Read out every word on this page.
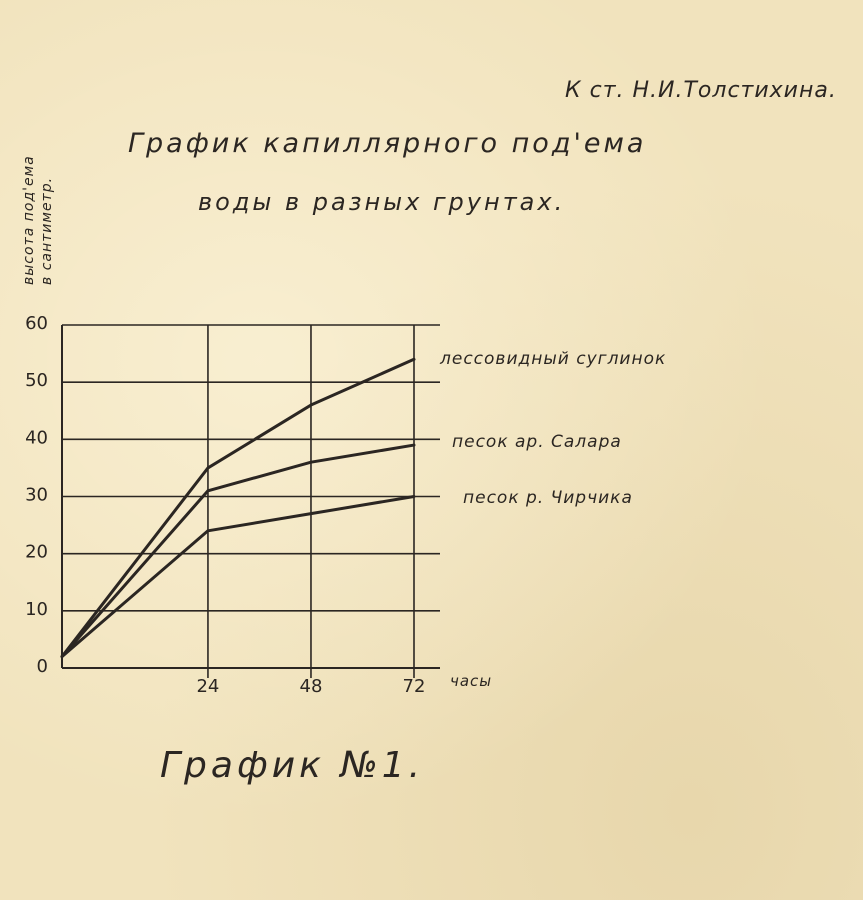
К ст. Н.И.Толстихина.
График капиллярного под'ема
воды в разных грунтах.
высота под'ема в сантиметр.
0
10
20
30
40
50
60
24	48	72
лессовидный суглинок
песок ар. Салара
песок р. Чирчика
часы
График №1.
